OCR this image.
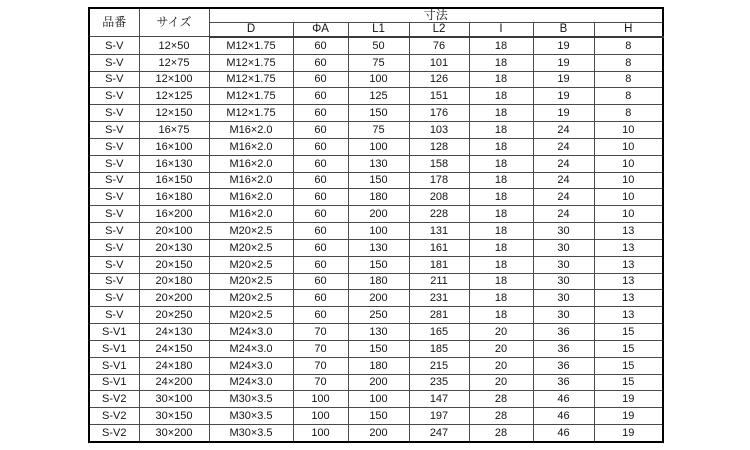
品番	サイズ	寸法						
		D	ΦA	L1	L2	I	B	H
S-V	12×50	M12×1.75	60	50	76	18	19	8
S-V	12×75	M12×1.75	60	75	101	18	19	8
S-V	12×100	M12×1.75	60	100	126	18	19	8
S-V	12×125	M12×1.75	60	125	151	18	19	8
S-V	12×150	M12×1.75	60	150	176	18	19	8
S-V	16×75	M16×2.0	60	75	103	18	24	10
S-V	16×100	M16×2.0	60	100	128	18	24	10
S-V	16×130	M16×2.0	60	130	158	18	24	10
S-V	16×150	M16×2.0	60	150	178	18	24	10
S-V	16×180	M16×2.0	60	180	208	18	24	10
S-V	16×200	M16×2.0	60	200	228	18	24	10
S-V	20×100	M20×2.5	60	100	131	18	30	13
S-V	20×130	M20×2.5	60	130	161	18	30	13
S-V	20×150	M20×2.5	60	150	181	18	30	13
S-V	20×180	M20×2.5	60	180	211	18	30	13
S-V	20×200	M20×2.5	60	200	231	18	30	13
S-V	20×250	M20×2.5	60	250	281	18	30	13
S-V1	24×130	M24×3.0	70	130	165	20	36	15
S-V1	24×150	M24×3.0	70	150	185	20	36	15
S-V1	24×180	M24×3.0	70	180	215	20	36	15
S-V1	24×200	M24×3.0	70	200	235	20	36	15
S-V2	30×100	M30×3.5	100	100	147	28	46	19
S-V2	30×150	M30×3.5	100	150	197	28	46	19
S-V2	30×200	M30×3.5	100	200	247	28	46	19
